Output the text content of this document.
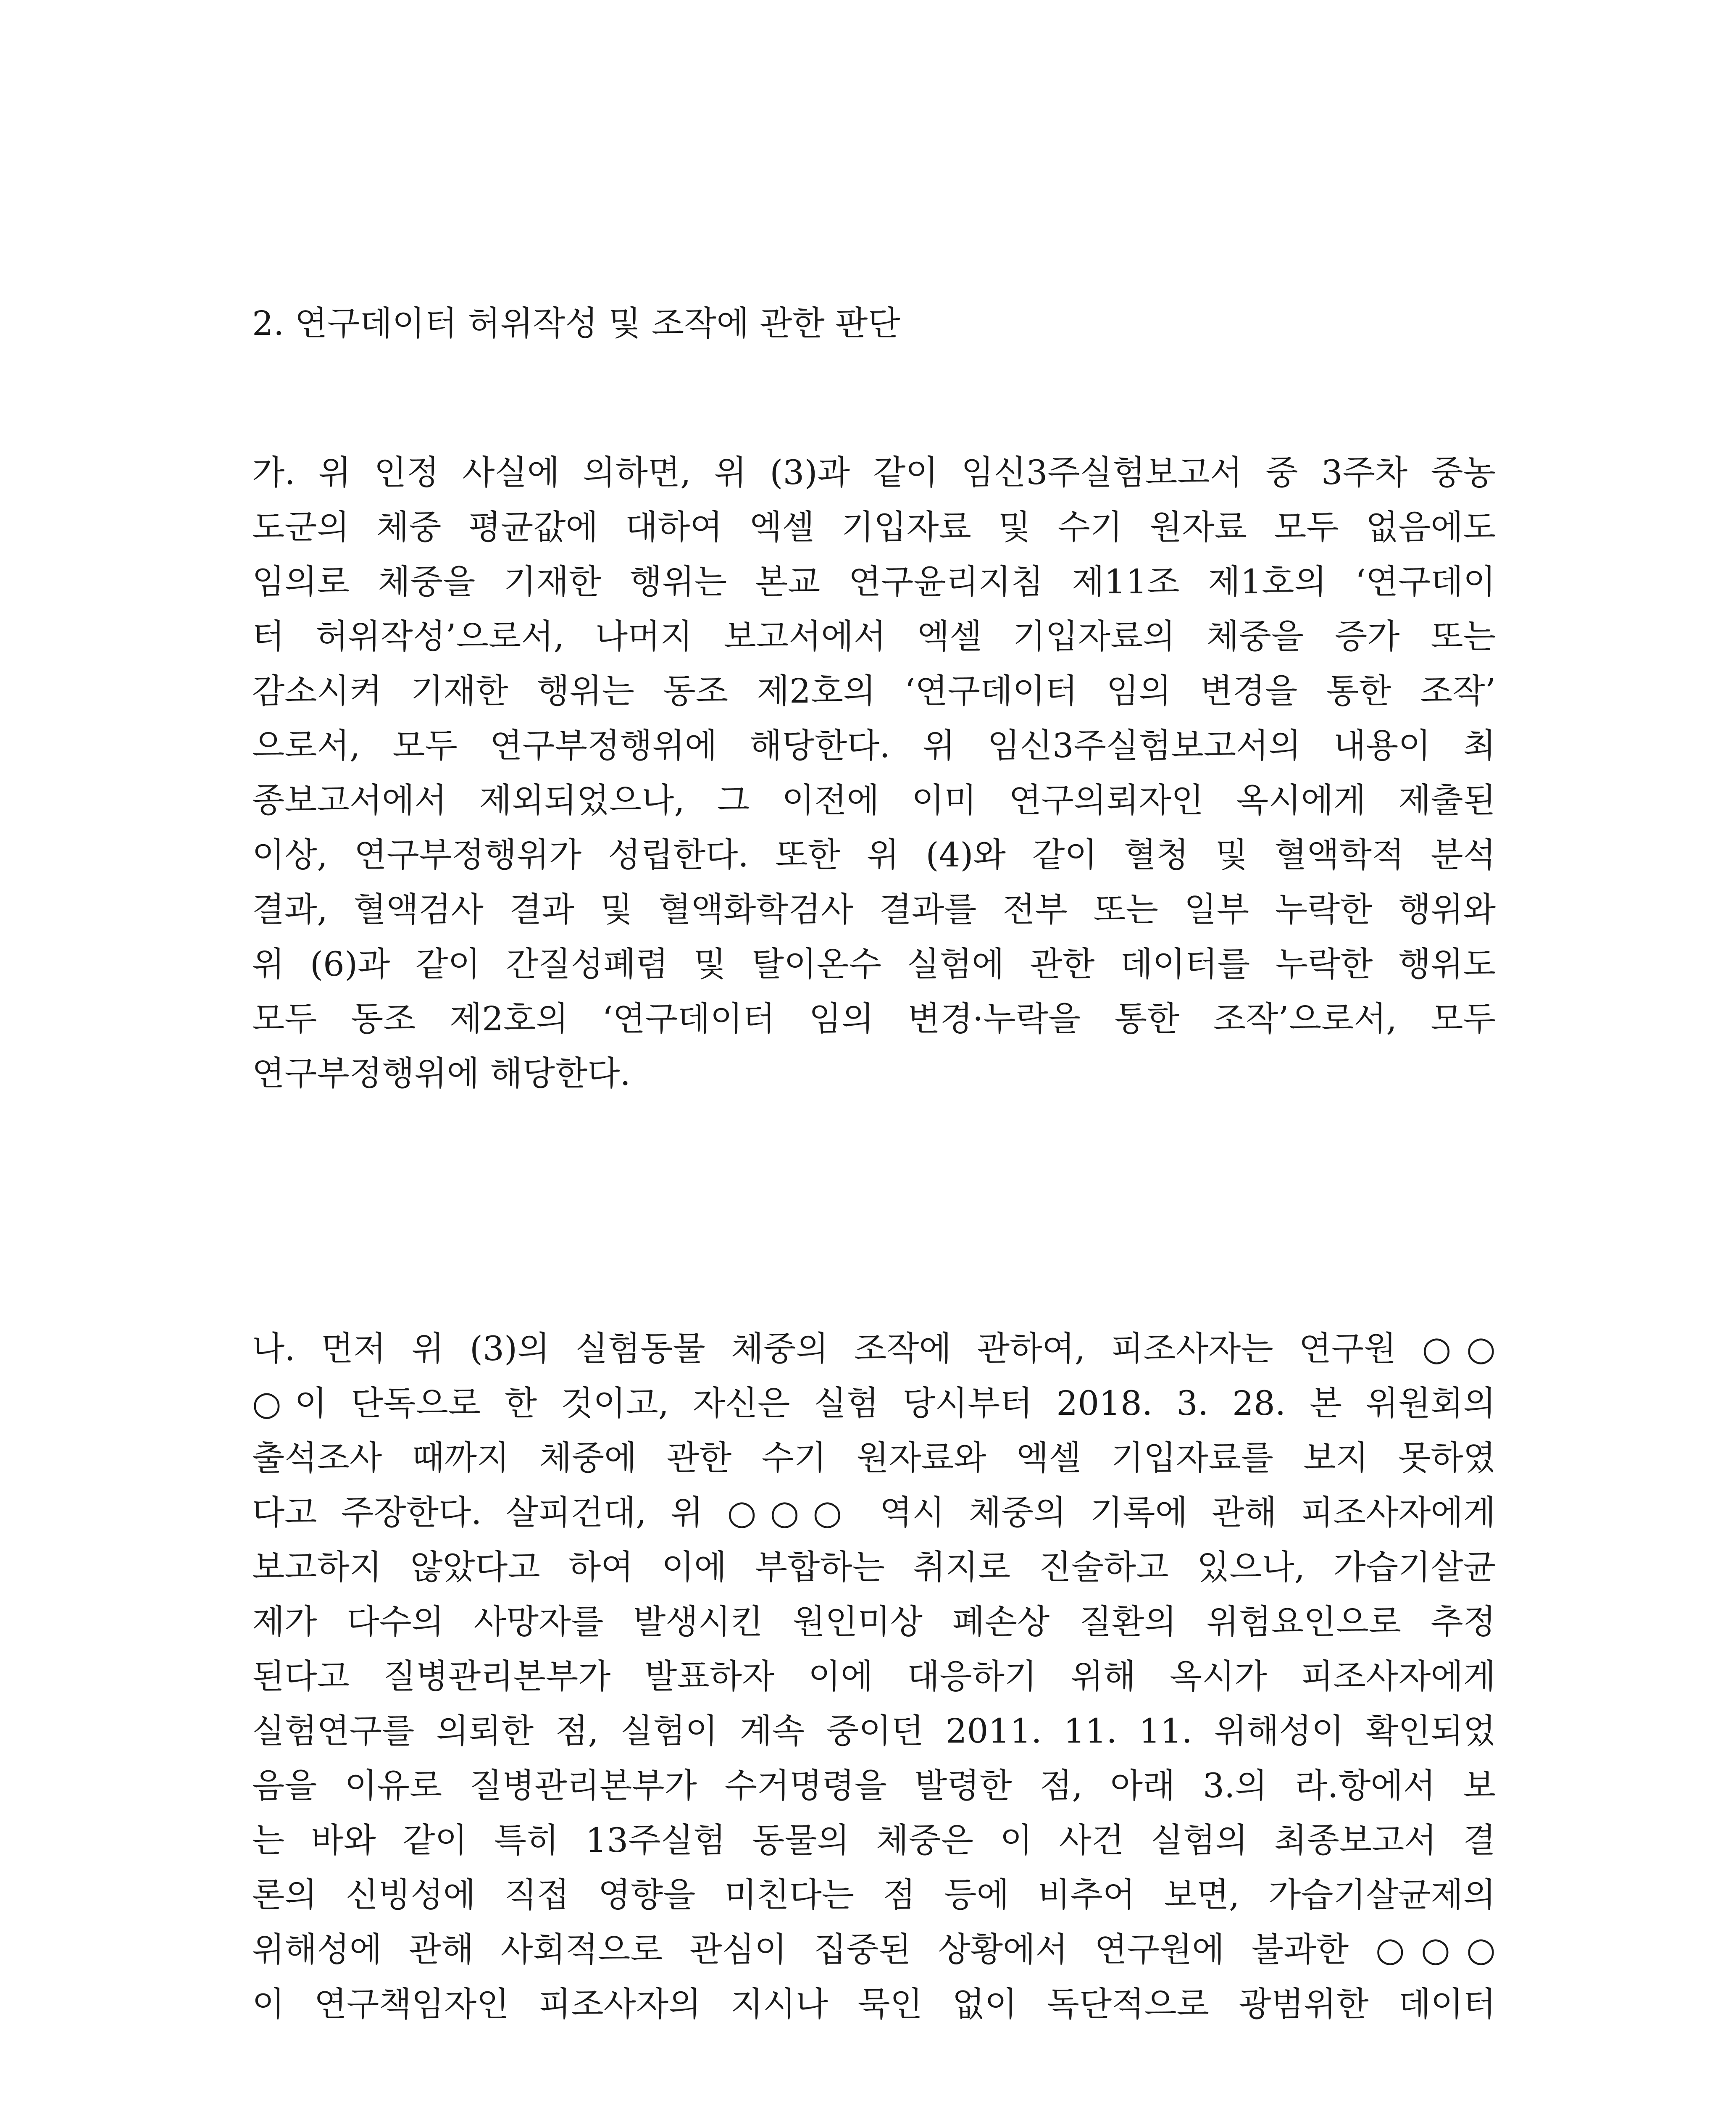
2. 연구데이터 허위작성 및 조작에 관한 판단
가. 위 인정 사실에 의하면, 위 (3)과 같이 임신3주실험보고서 중 3주차 중농
도군의 체중 평균값에 대하여 엑셀 기입자료 및 수기 원자료 모두 없음에도
임의로 체중을 기재한 행위는 본교 연구윤리지침 제11조 제1호의 ‘연구데이
터 허위작성’으로서, 나머지 보고서에서 엑셀 기입자료의 체중을 증가 또는
감소시켜 기재한 행위는 동조 제2호의 ‘연구데이터 임의 변경을 통한 조작’
으로서, 모두 연구부정행위에 해당한다. 위 임신3주실험보고서의 내용이 최
종보고서에서 제외되었으나, 그 이전에 이미 연구의뢰자인 옥시에게 제출된
이상, 연구부정행위가 성립한다. 또한 위 (4)와 같이 혈청 및 혈액학적 분석
결과, 혈액검사 결과 및 혈액화학검사 결과를 전부 또는 일부 누락한 행위와
위 (6)과 같이 간질성폐렴 및 탈이온수 실험에 관한 데이터를 누락한 행위도
모두 동조 제2호의 ‘연구데이터 임의 변경·누락을 통한 조작’으로서, 모두
연구부정행위에 해당한다.
나. 먼저 위 (3)의 실험동물 체중의 조작에 관하여, 피조사자는 연구원 ○○
○이 단독으로 한 것이고, 자신은 실험 당시부터 2018. 3. 28. 본 위원회의
출석조사 때까지 체중에 관한 수기 원자료와 엑셀 기입자료를 보지 못하였
다고 주장한다. 살피건대, 위 ○○○ 역시 체중의 기록에 관해 피조사자에게
보고하지 않았다고 하여 이에 부합하는 취지로 진술하고 있으나, 가습기살균
제가 다수의 사망자를 발생시킨 원인미상 폐손상 질환의 위험요인으로 추정
된다고 질병관리본부가 발표하자 이에 대응하기 위해 옥시가 피조사자에게
실험연구를 의뢰한 점, 실험이 계속 중이던 2011. 11. 11. 위해성이 확인되었
음을 이유로 질병관리본부가 수거명령을 발령한 점, 아래 3.의 라.항에서 보
는 바와 같이 특히 13주실험 동물의 체중은 이 사건 실험의 최종보고서 결
론의 신빙성에 직접 영향을 미친다는 점 등에 비추어 보면, 가습기살균제의
위해성에 관해 사회적으로 관심이 집중된 상황에서 연구원에 불과한 ○○○
이 연구책임자인 피조사자의 지시나 묵인 없이 독단적으로 광범위한 데이터
